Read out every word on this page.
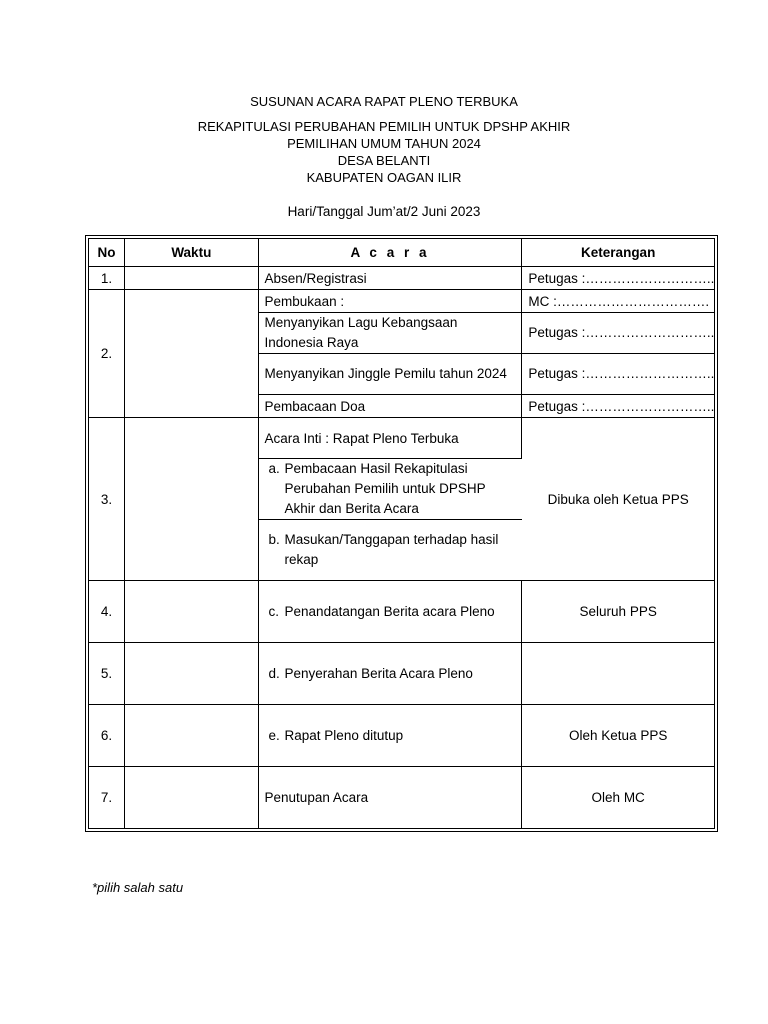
SUSUNAN ACARA RAPAT PLENO TERBUKA
REKAPITULASI PERUBAHAN PEMILIH UNTUK DPSHP AKHIR
PEMILIHAN UMUM TAHUN 2024
DESA BELANTI
KABUPATEN OAGAN ILIR
Hari/Tanggal Jum’at/2 Juni 2023
No	Waktu	A c a r a	Keterangan
1.		Absen/Registrasi	Petugas :………………………..
2.		Pembukaan :	MC :…………………………….
		Menyanyikan Lagu Kebangsaan Indonesia Raya	Petugas :………………………..
		Menyanyikan Jinggle Pemilu tahun 2024	Petugas :………………………..
		Pembacaan Doa	Petugas :………………………..
3.		Acara Inti : Rapat Pleno Terbuka	Dibuka oleh Ketua PPS

		a. Pembacaan Hasil Rekapitulasi Perubahan Pemilih untuk DPSHP Akhir dan Berita Acara	

		b. Masukan/Tanggapan terhadap hasil rekap	

4.		c. Penandatangan Berita acara Pleno	Seluruh PPS
5.		d. Penyerahan Berita Acara Pleno	

6.		e. Rapat Pleno ditutup	Oleh Ketua PPS
7.		Penutupan Acara	Oleh MC
*pilih salah satu
